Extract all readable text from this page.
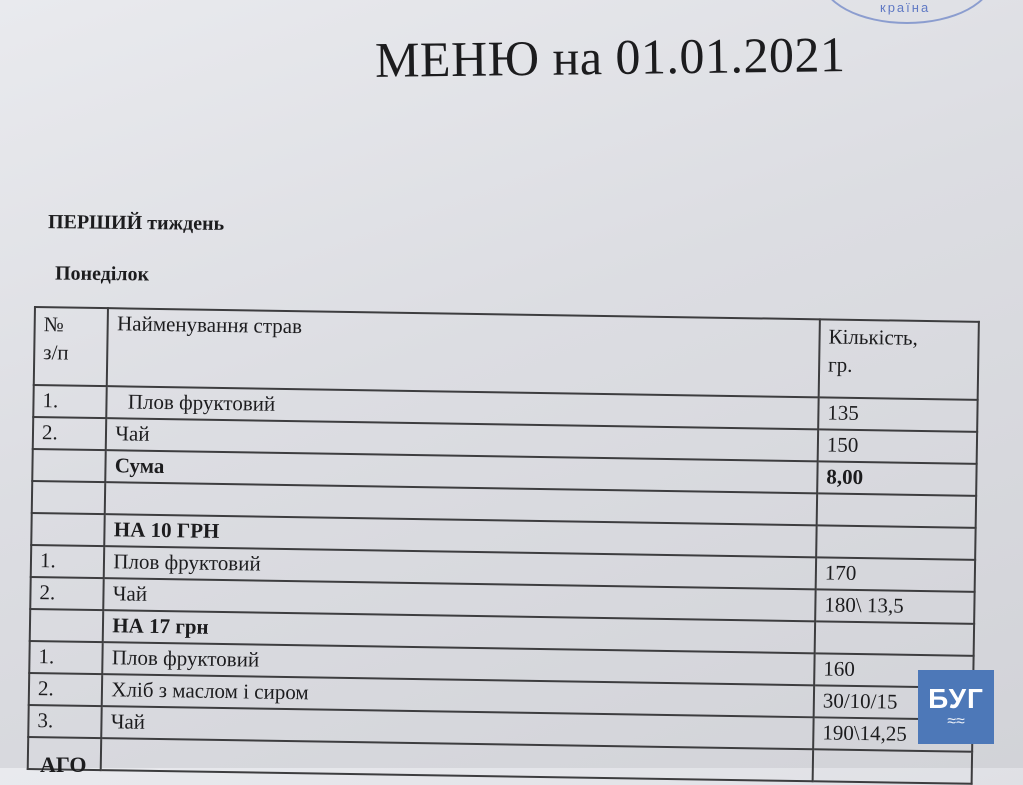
країна
МЕНЮ на 01.01.2021
ПЕРШИЙ тиждень
Понеділок
№
з/п	Найменування страв	Кількість,
гр.
1.	Плов фруктовий	135
2.	Чай	150
	Сума	8,00

	НА 10 ГРН	
1.	Плов фруктовий	170
2.	Чай	180\ 13,5
	НА 17 грн	
1.	Плов фруктовий	160
2.	Хліб з маслом і сиром	30/10/15
3.	Чай	190\14,25

АГО
БУГ
≈≈
